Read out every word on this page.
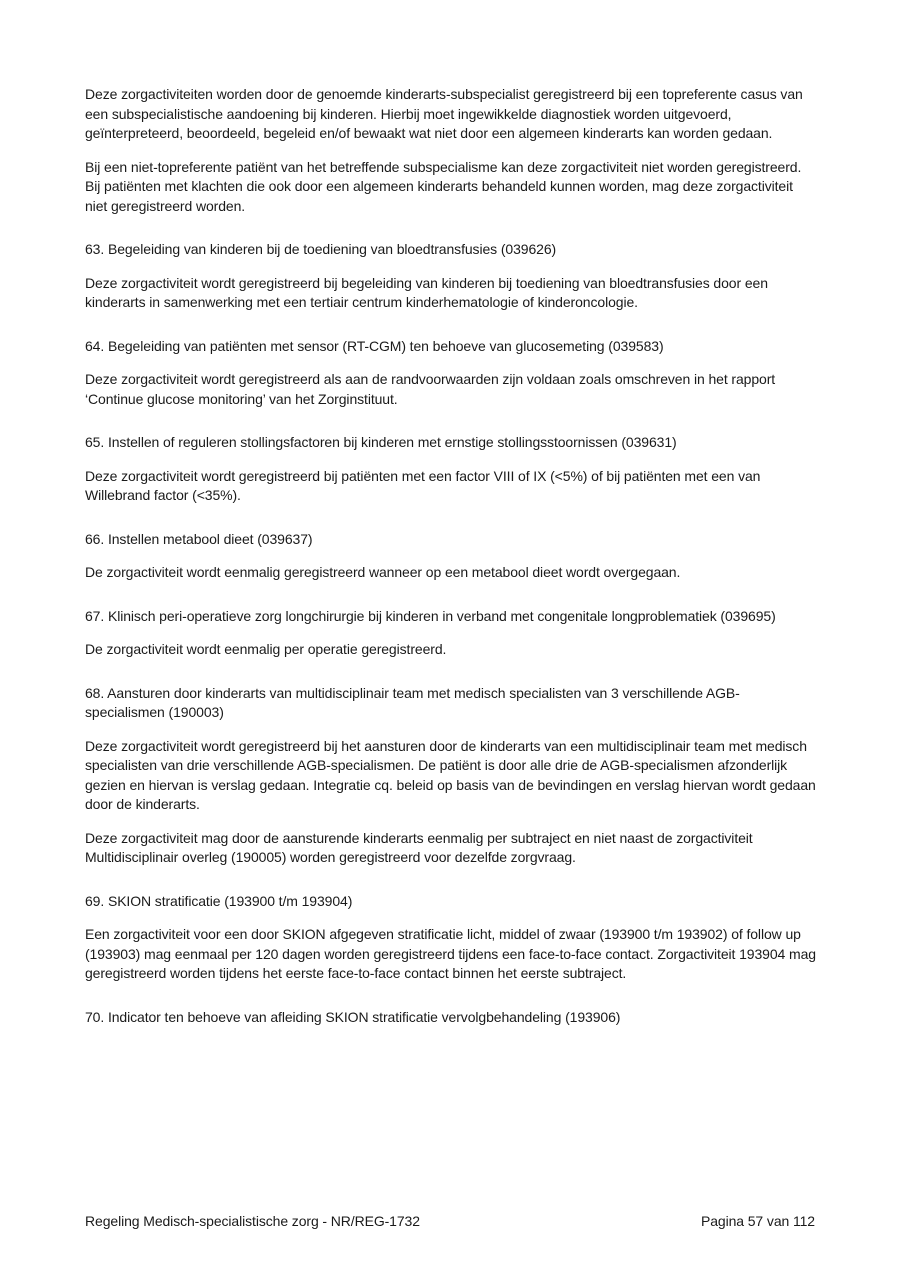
Deze zorgactiviteiten worden door de genoemde kinderarts-subspecialist geregistreerd bij een topreferente casus van een subspecialistische aandoening bij kinderen. Hierbij moet ingewikkelde diagnostiek worden uitgevoerd, geïnterpreteerd, beoordeeld, begeleid en/of bewaakt wat niet door een algemeen kinderarts kan worden gedaan.

Bij een niet-topreferente patiënt van het betreffende subspecialisme kan deze zorgactiviteit niet worden geregistreerd. Bij patiënten met klachten die ook door een algemeen kinderarts behandeld kunnen worden, mag deze zorgactiviteit niet geregistreerd worden.

63. Begeleiding van kinderen bij de toediening van bloedtransfusies (039626)

Deze zorgactiviteit wordt geregistreerd bij begeleiding van kinderen bij toediening van bloedtransfusies door een kinderarts in samenwerking met een tertiair centrum kinderhematologie of kinderoncologie.

64. Begeleiding van patiënten met sensor (RT-CGM) ten behoeve van glucosemeting (039583)

Deze zorgactiviteit wordt geregistreerd als aan de randvoorwaarden zijn voldaan zoals omschreven in het rapport ‘Continue glucose monitoring’ van het Zorginstituut.

65. Instellen of reguleren stollingsfactoren bij kinderen met ernstige stollingsstoornissen (039631)

Deze zorgactiviteit wordt geregistreerd bij patiënten met een factor VIII of IX (<5%) of bij patiënten met een van Willebrand factor (<35%).

66. Instellen metabool dieet (039637)

De zorgactiviteit wordt eenmalig geregistreerd wanneer op een metabool dieet wordt overgegaan.

67. Klinisch peri-operatieve zorg longchirurgie bij kinderen in verband met congenitale longproblematiek (039695)

De zorgactiviteit wordt eenmalig per operatie geregistreerd.

68. Aansturen door kinderarts van multidisciplinair team met medisch specialisten van 3 verschillende AGB-specialismen (190003)

Deze zorgactiviteit wordt geregistreerd bij het aansturen door de kinderarts van een multidisciplinair team met medisch specialisten van drie verschillende AGB-specialismen. De patiënt is door alle drie de AGB-specialismen afzonderlijk gezien en hiervan is verslag gedaan. Integratie cq. beleid op basis van de bevindingen en verslag hiervan wordt gedaan door de kinderarts.

Deze zorgactiviteit mag door de aansturende kinderarts eenmalig per subtraject en niet naast de zorgactiviteit Multidisciplinair overleg (190005) worden geregistreerd voor dezelfde zorgvraag.

69. SKION stratificatie (193900 t/m 193904)

Een zorgactiviteit voor een door SKION afgegeven stratificatie licht, middel of zwaar (193900 t/m 193902) of follow up (193903) mag eenmaal per 120 dagen worden geregistreerd tijdens een face-to-face contact. Zorgactiviteit 193904 mag geregistreerd worden tijdens het eerste face-to-face contact binnen het eerste subtraject.

70. Indicator ten behoeve van afleiding SKION stratificatie vervolgbehandeling (193906)

Regeling Medisch-specialistische zorg - NR/REG-1732	Pagina 57 van 112
